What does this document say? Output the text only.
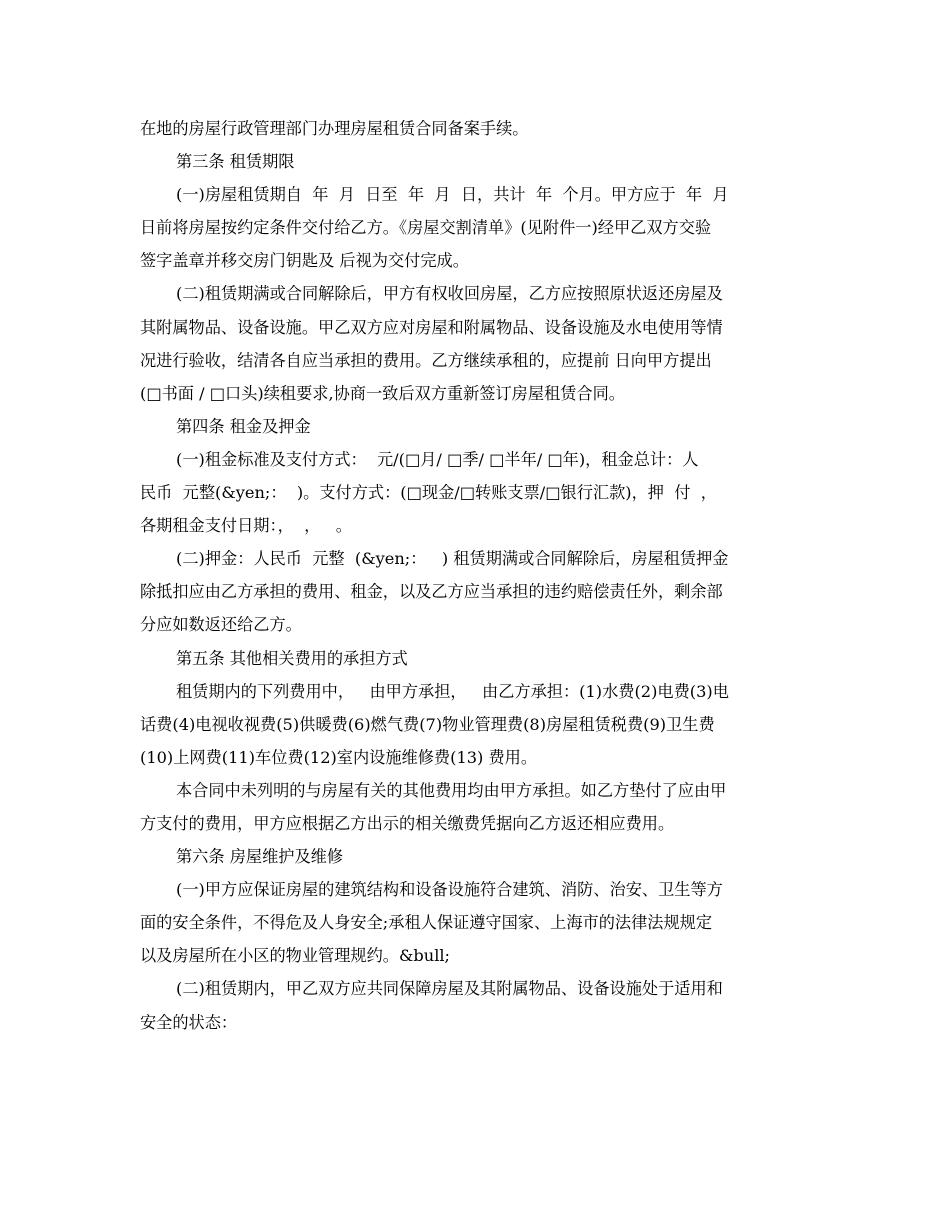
在地的房屋行政管理部门办理房屋租赁合同备案手续。
第三条 租赁期限
(一)房屋租赁期自  年  月  日至  年  月  日，共计  年  个月。甲方应于  年  月
日前将房屋按约定条件交付给乙方。《房屋交割清单》(见附件一)经甲乙双方交验
签字盖章并移交房门钥匙及 后视为交付完成。
(二)租赁期满或合同解除后，甲方有权收回房屋，乙方应按照原状返还房屋及
其附属物品、设备设施。甲乙双方应对房屋和附属物品、设备设施及水电使用等情
况进行验收，结清各自应当承担的费用。乙方继续承租的，应提前 日向甲方提出
(□书面 / □口头)续租要求,协商一致后双方重新签订房屋租赁合同。
第四条 租金及押金
(一)租金标准及支付方式：  元/(□月/ □季/ □半年/ □年)，租金总计：人
民币  元整(&yen;：  )。支付方式：(□现金/□转账支票/□银行汇款)，押  付  ，
各期租金支付日期：，  ，   。
(二)押金：人民币  元整  (&yen;：   ) 租赁期满或合同解除后，房屋租赁押金
除抵扣应由乙方承担的费用、租金，以及乙方应当承担的违约赔偿责任外，剩余部
分应如数返还给乙方。
第五条 其他相关费用的承担方式
租赁期内的下列费用中，   由甲方承担，   由乙方承担：(1)水费(2)电费(3)电
话费(4)电视收视费(5)供暖费(6)燃气费(7)物业管理费(8)房屋租赁税费(9)卫生费
(10)上网费(11)车位费(12)室内设施维修费(13) 费用。
本合同中未列明的与房屋有关的其他费用均由甲方承担。如乙方垫付了应由甲
方支付的费用，甲方应根据乙方出示的相关缴费凭据向乙方返还相应费用。
第六条 房屋维护及维修
(一)甲方应保证房屋的建筑结构和设备设施符合建筑、消防、治安、卫生等方
面的安全条件，不得危及人身安全;承租人保证遵守国家、上海市的法律法规规定
以及房屋所在小区的物业管理规约。&bull;
(二)租赁期内，甲乙双方应共同保障房屋及其附属物品、设备设施处于适用和
安全的状态：
